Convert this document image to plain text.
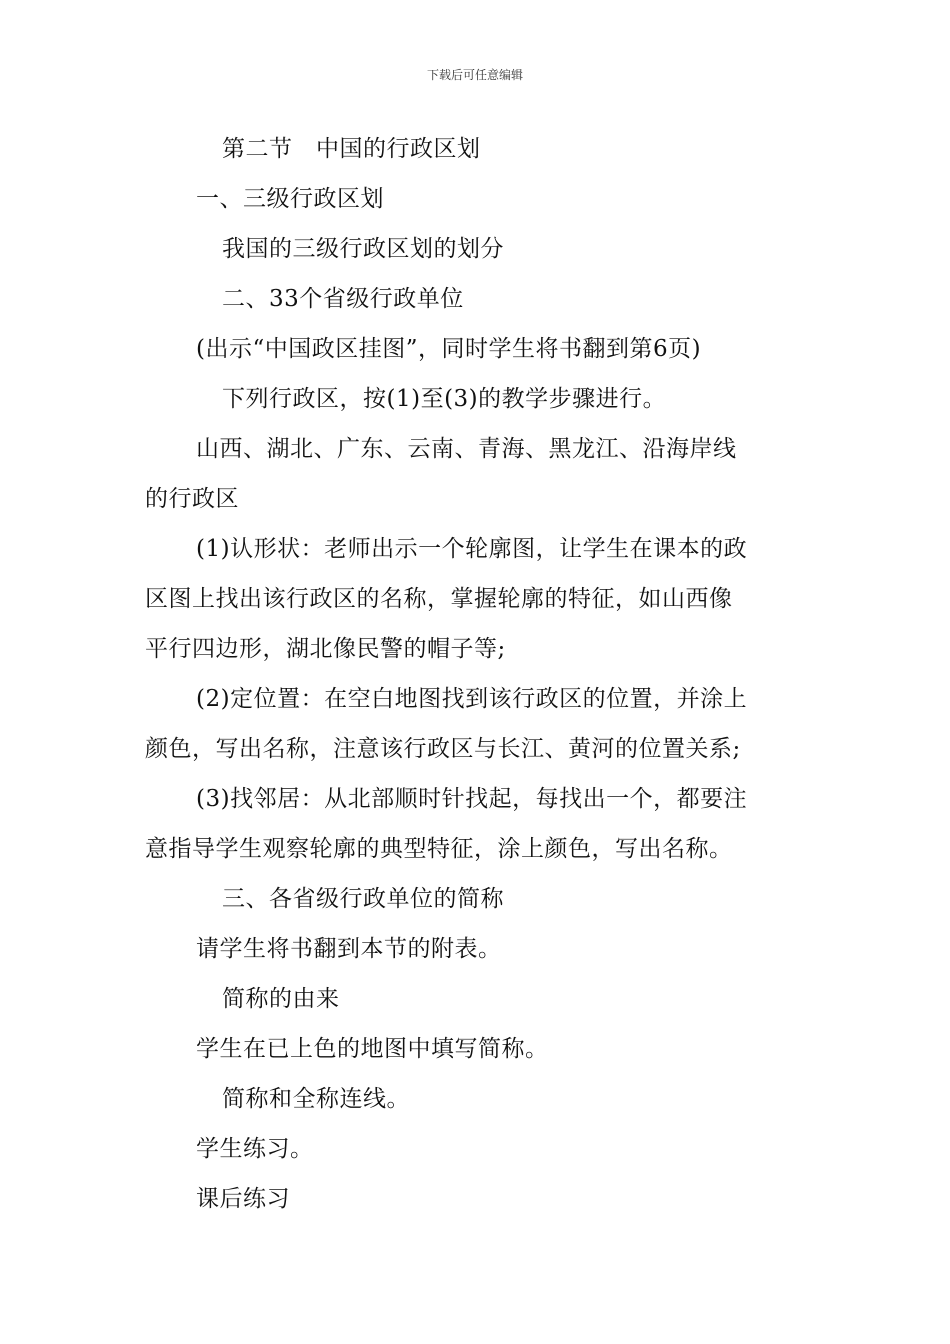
下载后可任意编辑
第二节　中国的行政区划
一、三级行政区划
我国的三级行政区划的划分
二、33个省级行政单位
(出示“中国政区挂图”，同时学生将书翻到第6页)
下列行政区，按(1)至(3)的教学步骤进行。
山西、湖北、广东、云南、青海、黑龙江、沿海岸线
的行政区
(1)认形状：老师出示一个轮廓图，让学生在课本的政
区图上找出该行政区的名称，掌握轮廓的特征，如山西像
平行四边形，湖北像民警的帽子等;
(2)定位置：在空白地图找到该行政区的位置，并涂上
颜色，写出名称，注意该行政区与长江、黄河的位置关系;
(3)找邻居：从北部顺时针找起，每找出一个，都要注
意指导学生观察轮廓的典型特征，涂上颜色，写出名称。
三、各省级行政单位的简称
请学生将书翻到本节的附表。
简称的由来
学生在已上色的地图中填写简称。
简称和全称连线。
学生练习。
课后练习
